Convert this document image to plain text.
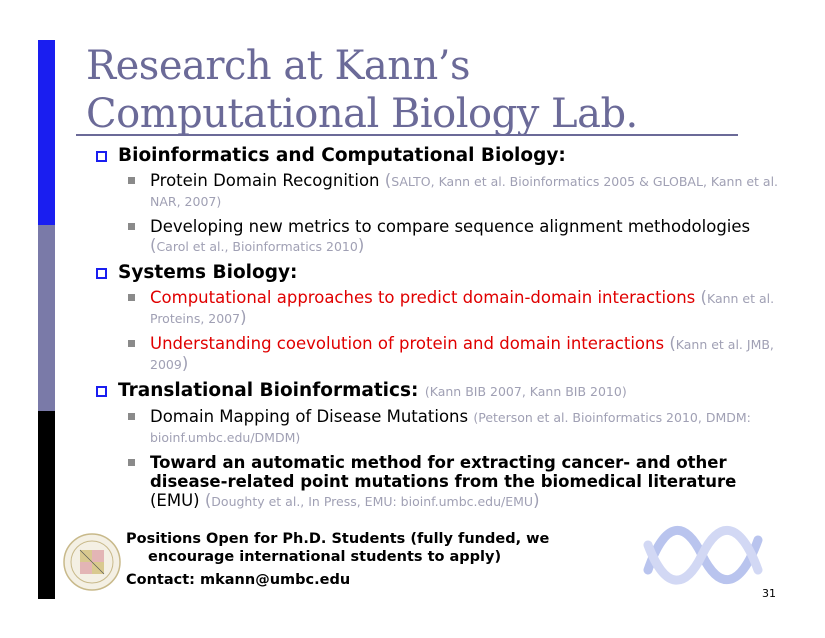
Research at Kann’s Computational Biology Lab.
Bioinformatics and Computational Biology:
Protein Domain Recognition (SALTO, Kann et al. Bioinformatics 2005 & GLOBAL, Kann et al. NAR, 2007)
Developing new metrics to compare sequence alignment methodologies (Carol et al., Bioinformatics 2010)
Systems Biology:
Computational approaches to predict domain-domain interactions (Kann et al. Proteins, 2007)
Understanding coevolution of protein and domain interactions (Kann et al. JMB, 2009)
Translational Bioinformatics: (Kann BIB 2007, Kann BIB 2010)
Domain Mapping of Disease Mutations (Peterson et al. Bioinformatics 2010, DMDM: bioinf.umbc.edu/DMDM)
Toward an automatic method for extracting cancer- and other disease-related point mutations from the biomedical literature (EMU) (Doughty et al., In Press, EMU: bioinf.umbc.edu/EMU)
Positions Open for Ph.D. Students (fully funded, we
encourage international students to apply)
Contact: mkann@umbc.edu
31
